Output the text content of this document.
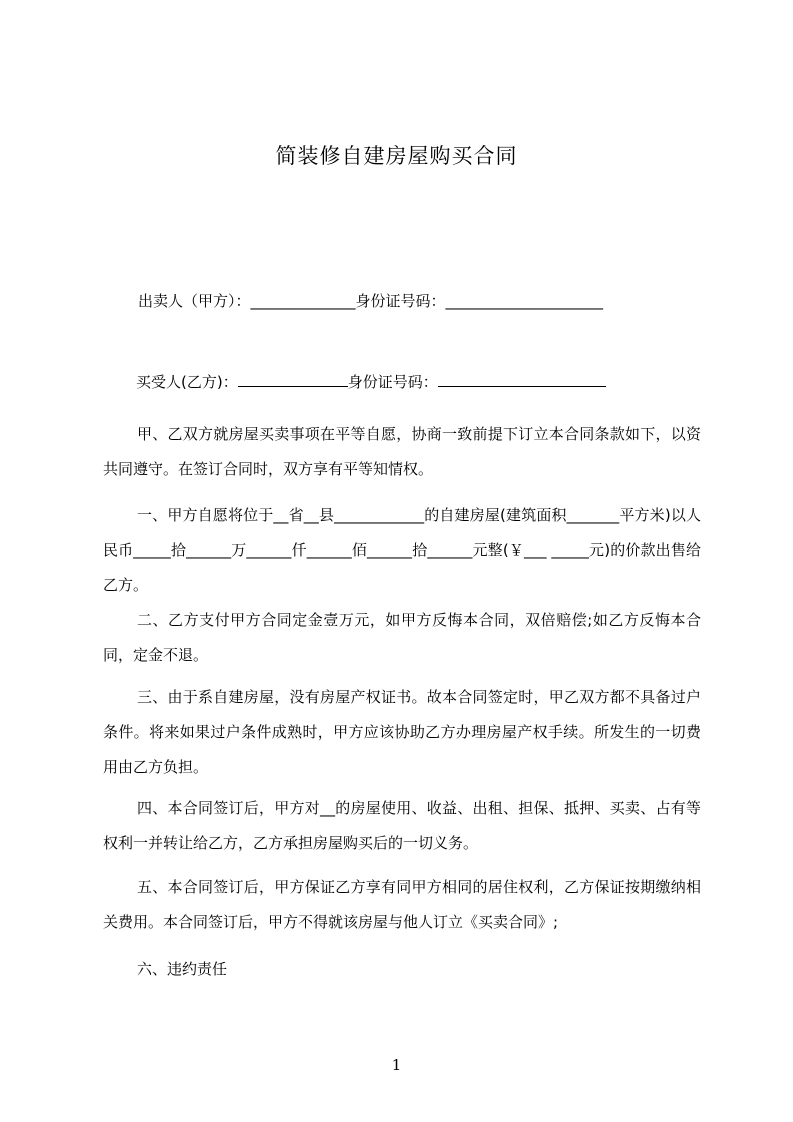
简装修自建房屋购买合同
出卖人（甲方）：______________身份证号码：_____________________
买受人(乙方)：	身份证号码：
甲、乙双方就房屋买卖事项在平等自愿，协商一致前提下订立本合同条款如下，以资共同遵守。在签订合同时，双方享有平等知情权。
一、甲方自愿将位于__省__县____________的自建房屋(建筑面积_______平方米)以人民币_____拾______万______仟______佰______拾______元整(￥___ _____元)的价款出售给乙方。
二、乙方支付甲方合同定金壹万元，如甲方反悔本合同，双倍赔偿;如乙方反悔本合同，定金不退。
三、由于系自建房屋，没有房屋产权证书。故本合同签定时，甲乙双方都不具备过户条件。将来如果过户条件成熟时，甲方应该协助乙方办理房屋产权手续。所发生的一切费用由乙方负担。
四、本合同签订后，甲方对__的房屋使用、收益、出租、担保、抵押、买卖、占有等权利一并转让给乙方，乙方承担房屋购买后的一切义务。
五、本合同签订后，甲方保证乙方享有同甲方相同的居住权利，乙方保证按期缴纳相关费用。本合同签订后，甲方不得就该房屋与他人订立《买卖合同》;
六、违约责任
1
